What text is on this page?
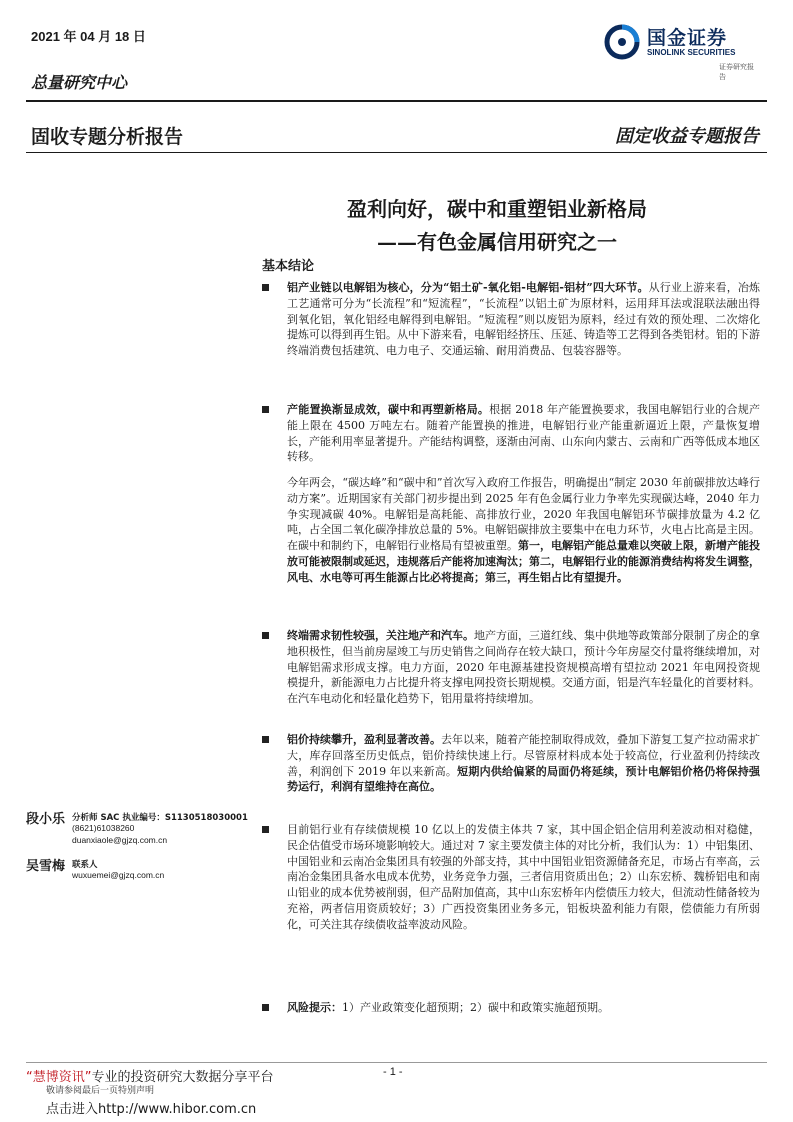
2021 年 04 月 18 日
总量研究中心
国金证券
SINOLINK SECURITIES
证券研究报告
固收专题分析报告	固定收益专题报告
盈利向好，碳中和重塑铝业新格局
——有色金属信用研究之一
基本结论
铝产业链以电解铝为核心，分为“铝土矿-氧化铝-电解铝-铝材”四大环节。从行业上游来看，冶炼工艺通常可分为“长流程”和“短流程”，“长流程”以铝土矿为原材料，运用拜耳法或混联法融出得到氧化铝，氧化铝经电解得到电解铝。“短流程”则以废铝为原料，经过有效的预处理、二次熔化提炼可以得到再生铝。从中下游来看，电解铝经挤压、压延、铸造等工艺得到各类铝材。铝的下游终端消费包括建筑、电力电子、交通运输、耐用消费品、包装容器等。
产能置换渐显成效，碳中和再塑新格局。根据 2018 年产能置换要求，我国电解铝行业的合规产能上限在 4500 万吨左右。随着产能置换的推进，电解铝行业产能重新逼近上限，产量恢复增长，产能利用率显著提升。产能结构调整，逐渐由河南、山东向内蒙古、云南和广西等低成本地区转移。
今年两会，“碳达峰”和“碳中和”首次写入政府工作报告，明确提出“制定 2030 年前碳排放达峰行动方案”。近期国家有关部门初步提出到 2025 年有色金属行业力争率先实现碳达峰，2040 年力争实现减碳 40%。电解铝是高耗能、高排放行业，2020 年我国电解铝环节碳排放量为 4.2 亿吨，占全国二氧化碳净排放总量的 5%。电解铝碳排放主要集中在电力环节，火电占比高是主因。在碳中和制约下，电解铝行业格局有望被重塑。第一，电解铝产能总量难以突破上限，新增产能投放可能被限制或延迟，违规落后产能将加速淘汰；第二，电解铝行业的能源消费结构将发生调整，风电、水电等可再生能源占比必将提高；第三，再生铝占比有望提升。
终端需求韧性较强，关注地产和汽车。地产方面，三道红线、集中供地等政策部分限制了房企的拿地积极性，但当前房屋竣工与历史销售之间尚存在较大缺口，预计今年房屋交付量将继续增加，对电解铝需求形成支撑。电力方面，2020 年电源基建投资规模高增有望拉动 2021 年电网投资规模提升，新能源电力占比提升将支撑电网投资长期规模。交通方面，铝是汽车轻量化的首要材料。在汽车电动化和轻量化趋势下，铝用量将持续增加。
铝价持续攀升，盈利显著改善。去年以来，随着产能控制取得成效，叠加下游复工复产拉动需求扩大，库存回落至历史低点，铝价持续快速上行。尽管原材料成本处于较高位，行业盈利仍持续改善，利润创下 2019 年以来新高。短期内供给偏紧的局面仍将延续，预计电解铝价格仍将保持强势运行，利润有望维持在高位。
目前铝行业有存续债规模 10 亿以上的发债主体共 7 家，其中国企铝企信用利差波动相对稳健，民企估值受市场环境影响较大。通过对 7 家主要发债主体的对比分析，我们认为：1）中铝集团、中国铝业和云南冶金集团具有较强的外部支持，其中中国铝业铝资源储备充足，市场占有率高，云南冶金集团具备水电成本优势，业务竞争力强，三者信用资质出色；2）山东宏桥、魏桥铝电和南山铝业的成本优势被削弱，但产品附加值高，其中山东宏桥年内偿债压力较大，但流动性储备较为充裕，两者信用资质较好；3）广西投资集团业务多元，铝板块盈利能力有限，偿债能力有所弱化，可关注其存续债收益率波动风险。
风险提示：1）产业政策变化超预期；2）碳中和政策实施超预期。
段小乐 分析师 SAC 执业编号：S1130518030001
(8621)61038260
duanxiaole@gjzq.com.cn
吴雪梅 联系人
wuxuemei@gjzq.com.cn
- 1 -
“慧博资讯”专业的投资研究大数据分享平台
敬请参阅最后一页特别声明
点击进入http://www.hibor.com.cn
